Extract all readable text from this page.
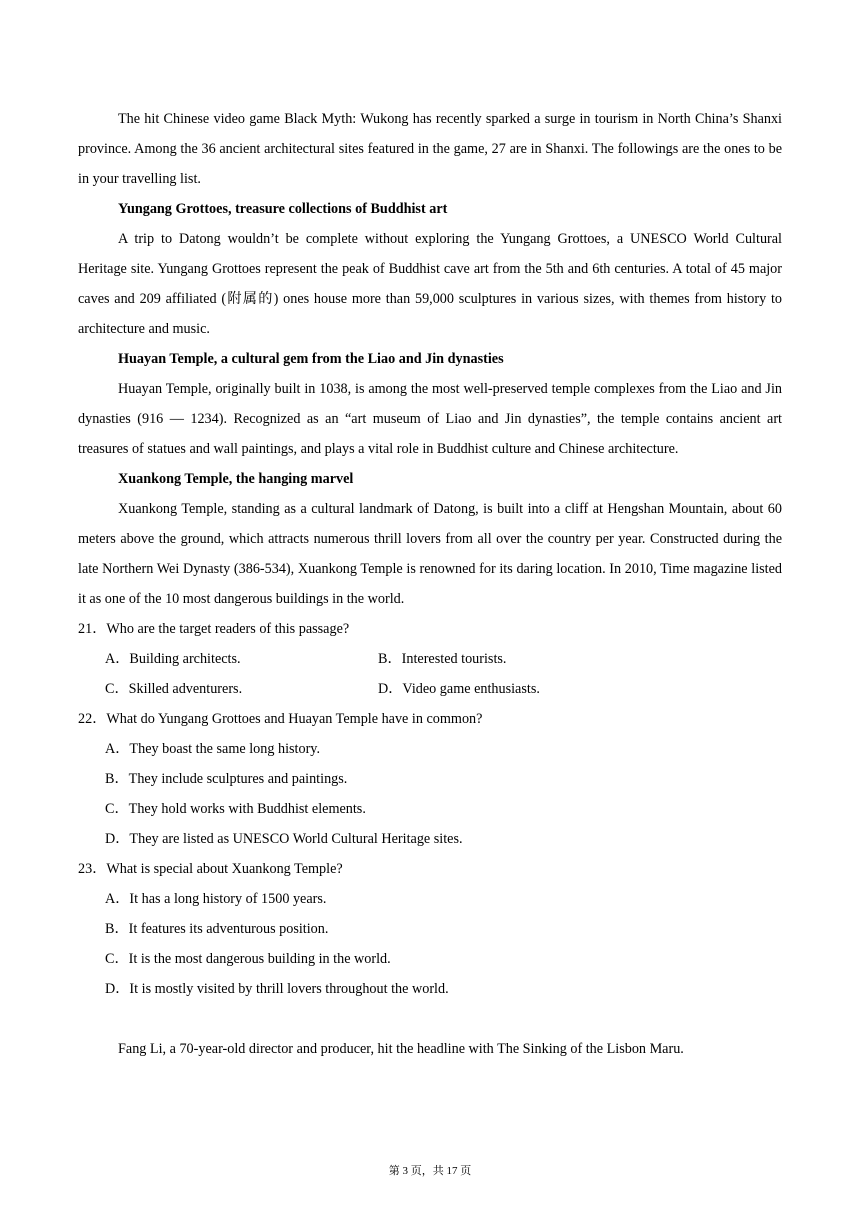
The hit Chinese video game Black Myth: Wukong has recently sparked a surge in tourism in North China’s Shanxi province. Among the 36 ancient architectural sites featured in the game, 27 are in Shanxi. The followings are the ones to be in your travelling list.

Yungang Grottoes, treasure collections of Buddhist art

A trip to Datong wouldn’t be complete without exploring the Yungang Grottoes, a UNESCO World Cultural Heritage site. Yungang Grottoes represent the peak of Buddhist cave art from the 5th and 6th centuries. A total of 45 major caves and 209 affiliated (附属的) ones house more than 59,000 sculptures in various sizes, with themes from history to architecture and music.

Huayan Temple, a cultural gem from the Liao and Jin dynasties

Huayan Temple, originally built in 1038, is among the most well-preserved temple complexes from the Liao and Jin dynasties (916 — 1234). Recognized as an “art museum of Liao and Jin dynasties”, the temple contains ancient art treasures of statues and wall paintings, and plays a vital role in Buddhist culture and Chinese architecture.

Xuankong Temple, the hanging marvel

Xuankong Temple, standing as a cultural landmark of Datong, is built into a cliff at Hengshan Mountain, about 60 meters above the ground, which attracts numerous thrill lovers from all over the country per year. Constructed during the late Northern Wei Dynasty (386-534), Xuankong Temple is renowned for its daring location. In 2010, Time magazine listed it as one of the 10 most dangerous buildings in the world.

21．Who are the target readers of this passage?

A．Building architects.	B．Interested tourists.
C．Skilled adventurers.	D．Video game enthusiasts.

22．What do Yungang Grottoes and Huayan Temple have in common?

A．They boast the same long history.
B．They include sculptures and paintings.
C．They hold works with Buddhist elements.
D．They are listed as UNESCO World Cultural Heritage sites.

23．What is special about Xuankong Temple?

A．It has a long history of 1500 years.
B．It features its adventurous position.
C．It is the most dangerous building in the world.
D．It is mostly visited by thrill lovers throughout the world.

Fang Li, a 70-year-old director and producer, hit the headline with The Sinking of the Lisbon Maru.

第 3 页，共 17 页
